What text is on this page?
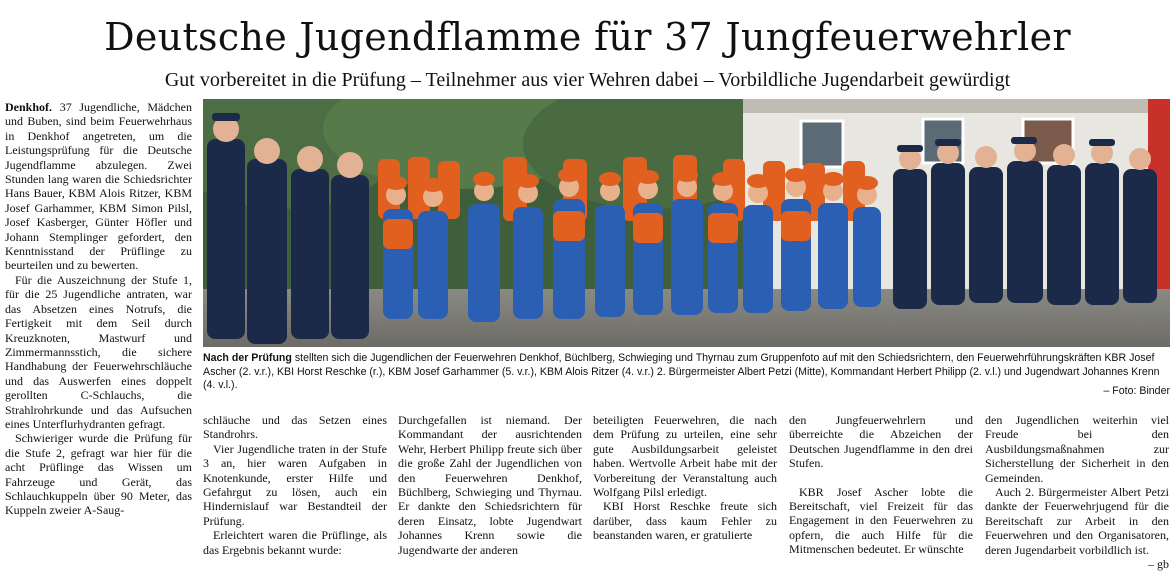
Deutsche Jugendflamme für 37 Jungfeuerwehrler
Gut vorbereitet in die Prüfung – Teilnehmer aus vier Wehren dabei – Vorbildliche Jugendarbeit gewürdigt

Denkhof. 37 Jugendliche, Mädchen und Buben, sind beim Feuerwehrhaus in Denkhof angetreten, um die Leistungsprüfung für die Deutsche Jugendflamme abzulegen. Zwei Stunden lang waren die Schiedsrichter Hans Bauer, KBM Alois Ritzer, KBM Josef Garhammer, KBM Simon Pilsl, Josef Kasberger, Günter Höfler und Johann Stemplinger gefordert, den Kenntnisstand der Prüflinge zu beurteilen und zu bewerten.

Für die Auszeichnung der Stufe 1, für die 25 Jugendliche antraten, war das Absetzen eines Notrufs, die Fertigkeit mit dem Seil durch Kreuzknoten, Mastwurf und Zimmermannsstich, die sichere Handhabung der Feuerwehrschläuche und das Auswerfen eines doppelt gerollten C-Schlauchs, die Strahlrohrkunde und das Aufsuchen eines Unterflurhydranten gefragt.

Schwieriger wurde die Prüfung für die Stufe 2, gefragt war hier für die acht Prüflinge das Wissen um Fahrzeuge und Gerät, das Schlauchkuppeln über 90 Meter, das Kuppeln zweier A-Saug-

Nach der Prüfung stellten sich die Jugendlichen der Feuerwehren Denkhof, Büchlberg, Schwieging und Thyrnau zum Gruppenfoto auf mit den Schiedsrichtern, den Feuerwehrführungskräften KBR Josef Ascher (2. v.r.), KBI Horst Reschke (r.), KBM Josef Garhammer (5. v.r.), KBM Alois Ritzer (4. v.r.) 2. Bürgermeister Albert Petzi (Mitte), Kommandant Herbert Philipp (2. v.l.) und Jugendwart Johannes Krenn (4. v.l.).	– Foto: Binder

schläuche und das Setzen eines Standrohrs.

Vier Jugendliche traten in der Stufe 3 an, hier waren Aufgaben in Knotenkunde, erster Hilfe und Gefahrgut zu lösen, auch ein Hindernislauf war Bestandteil der Prüfung.

Erleichtert waren die Prüflinge, als das Ergebnis bekannt wurde:

Durchgefallen ist niemand. Der Kommandant der ausrichtenden Wehr, Herbert Philipp freute sich über die große Zahl der Jugendlichen von den Feuerwehren Denkhof, Büchlberg, Schwieging und Thyrnau. Er dankte den Schiedsrichtern für deren Einsatz, lobte Jugendwart Johannes Krenn sowie die Jugendwarte der anderen

beteiligten Feuerwehren, die nach dem Prüfung zu urteilen, eine sehr gute Ausbildungsarbeit geleistet haben. Wertvolle Arbeit habe mit der Vorbereitung der Veranstaltung auch Wolfgang Pilsl erledigt.

KBI Horst Reschke freute sich darüber, dass kaum Fehler zu beanstanden waren, er gratulierte

den Jungfeuerwehrlern und überreichte die Abzeichen der Deutschen Jugendflamme in den drei Stufen.

KBR Josef Ascher lobte die Bereitschaft, viel Freizeit für das Engagement in den Feuerwehren zu opfern, die auch Hilfe für die Mitmenschen bedeutet. Er wünschte

den Jugendlichen weiterhin viel Freude bei den Ausbildungsmaßnahmen zur Sicherstellung der Sicherheit in den Gemeinden.

Auch 2. Bürgermeister Albert Petzi dankte der Feuerwehrjugend für die Bereitschaft zur Arbeit in den Feuerwehren und den Organisatoren, deren Jugendarbeit vorbildlich ist.
– gb
